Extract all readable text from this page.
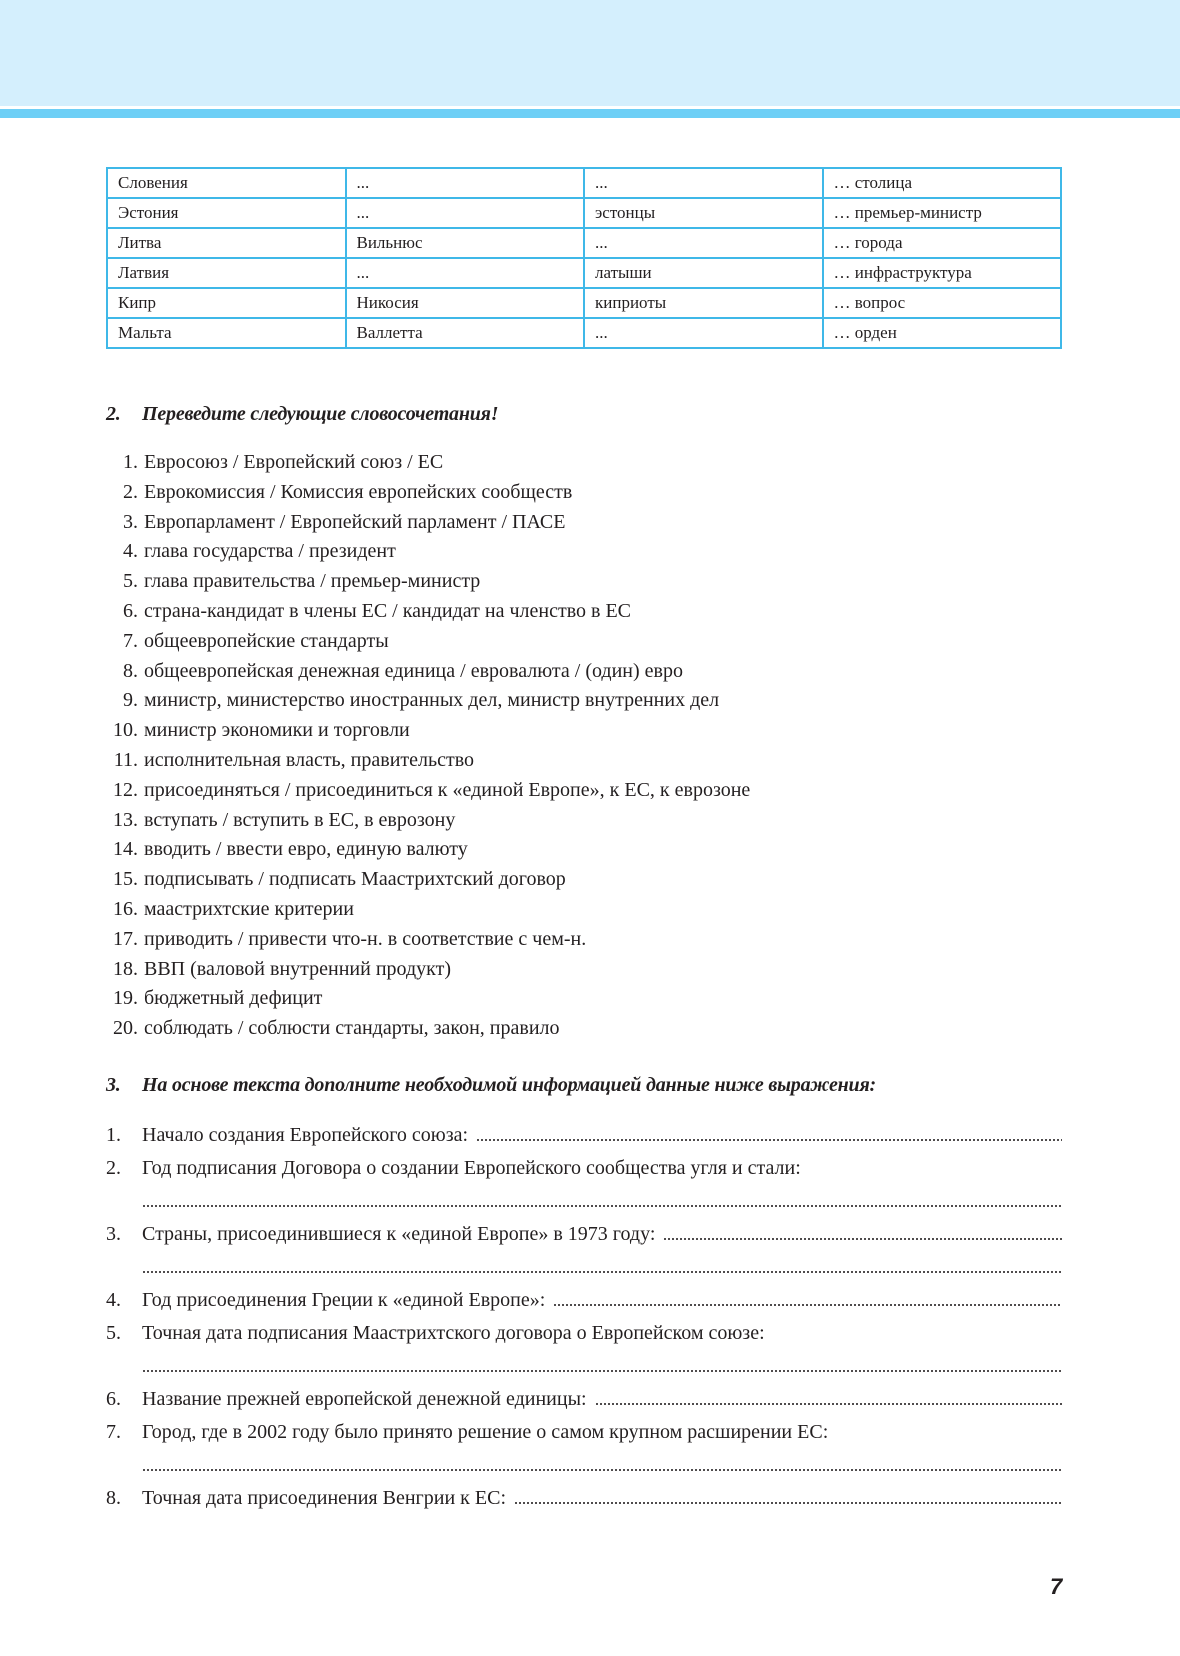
Словения	...	...	… столица
Эстония	...	эстонцы	… премьер-министр
Литва	Вильнюс	...	… города
Латвия	...	латыши	… инфраструктура
Кипр	Никосия	киприоты	… вопрос
Мальта	Валлетта	...	… орден
2. Переведите следующие словосочетания!
1. Евросоюз / Европейский союз / ЕС
2. Еврокомиссия / Комиссия европейских сообществ
3. Европарламент / Европейский парламент / ПАСЕ
4. глава государства / президент
5. глава правительства / премьер-министр
6. страна-кандидат в члены ЕС / кандидат на членство в ЕС
7. общеевропейские стандарты
8. общеевропейская денежная единица / евровалюта / (один) евро
9. министр, министерство иностранных дел, министр внутренних дел
10. министр экономики и торговли
11. исполнительная власть, правительство
12. присоединяться / присоединиться к «единой Европе», к ЕС, к еврозоне
13. вступать / вступить в ЕС, в еврозону
14. вводить / ввести евро, единую валюту
15. подписывать / подписать Маастрихтский договор
16. маастрихтские критерии
17. приводить / привести что-н. в соответствие с чем-н.
18. ВВП (валовой внутренний продукт)
19. бюджетный дефицит
20. соблюдать / соблюсти стандарты, закон, правило
3. На основе текста дополните необходимой информацией данные ниже выражения:
1.	Начало создания Европейского союза:
2.	Год подписания Договора о создании Европейского сообщества угля и стали:
3.	Страны, присоединившиеся к «единой Европе» в 1973 году:
4.	Год присоединения Греции к «единой Европе»:
5.	Точная дата подписания Маастрихтского договора о Европейском союзе:
6.	Название прежней европейской денежной единицы:
7.	Город, где в 2002 году было принято решение о самом крупном расширении ЕС:
8.	Точная дата присоединения Венгрии к ЕС:
7
